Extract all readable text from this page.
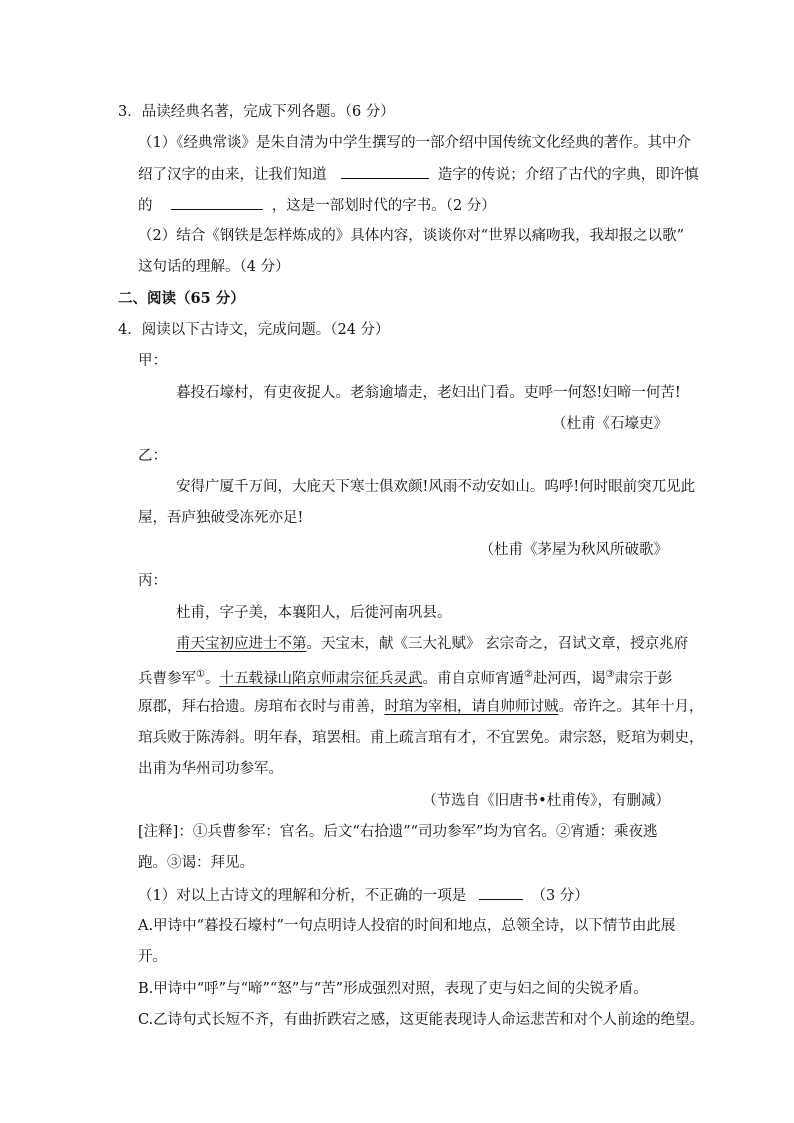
3．品读经典名著，完成下列各题。（6 分）
（1）《经典常谈》是朱自清为中学生撰写的一部介绍中国传统文化经典的著作。其中介
绍了汉字的由来，让我们知道	造字的传说；介绍了古代的字典，即许慎
的	，这是一部划时代的字书。（2 分）
（2）结合《钢铁是怎样炼成的》具体内容，谈谈你对“世界以痛吻我，我却报之以歌”
这句话的理解。（4 分）
二、阅读（65 分）
4．阅读以下古诗文，完成问题。（24 分）
甲：
暮投石壕村，有吏夜捉人。老翁逾墙走，老妇出门看。吏呼一何怒!妇啼一何苦!
（杜甫《石壕吏》
乙：
安得广厦千万间，大庇天下寒士俱欢颜!风雨不动安如山。呜呼!何时眼前突兀见此
屋，吾庐独破受冻死亦足!
（杜甫《茅屋为秋风所破歌》
丙：
杜甫，字子美，本襄阳人，后徙河南巩县。
甫天宝初应进士不第。天宝末，献《三大礼赋》 玄宗奇之，召试文章，授京兆府
兵曹参军①。十五载禄山陷京师肃宗征兵灵武。甫自京师宵遁②赴河西，谒③肃宗于彭
原郡，拜右拾遗。房琯布衣时与甫善，时琯为宰相，请自帅师讨贼。帝许之。其年十月，
琯兵败于陈涛斜。明年春，琯罢相。甫上疏言琯有才，不宜罢免。肃宗怒，贬琯为刺史，
出甫为华州司功参军。
（节选自《旧唐书•杜甫传》，有删减）
[注释]：①兵曹参军：官名。后文“右拾遗”“司功参军”均为官名。②宵遁：乘夜逃
跑。③谒：拜见。
（1）对以上古诗文的理解和分析，不正确的一项是	（3 分）
A.甲诗中“暮投石壕村”一句点明诗人投宿的时间和地点，总领全诗，以下情节由此展
开。
B.甲诗中“呼”与“啼”“怒”与“苦”形成强烈对照，表现了吏与妇之间的尖锐矛盾。
C.乙诗句式长短不齐，有曲折跌宕之感，这更能表现诗人命运悲苦和对个人前途的绝望。
